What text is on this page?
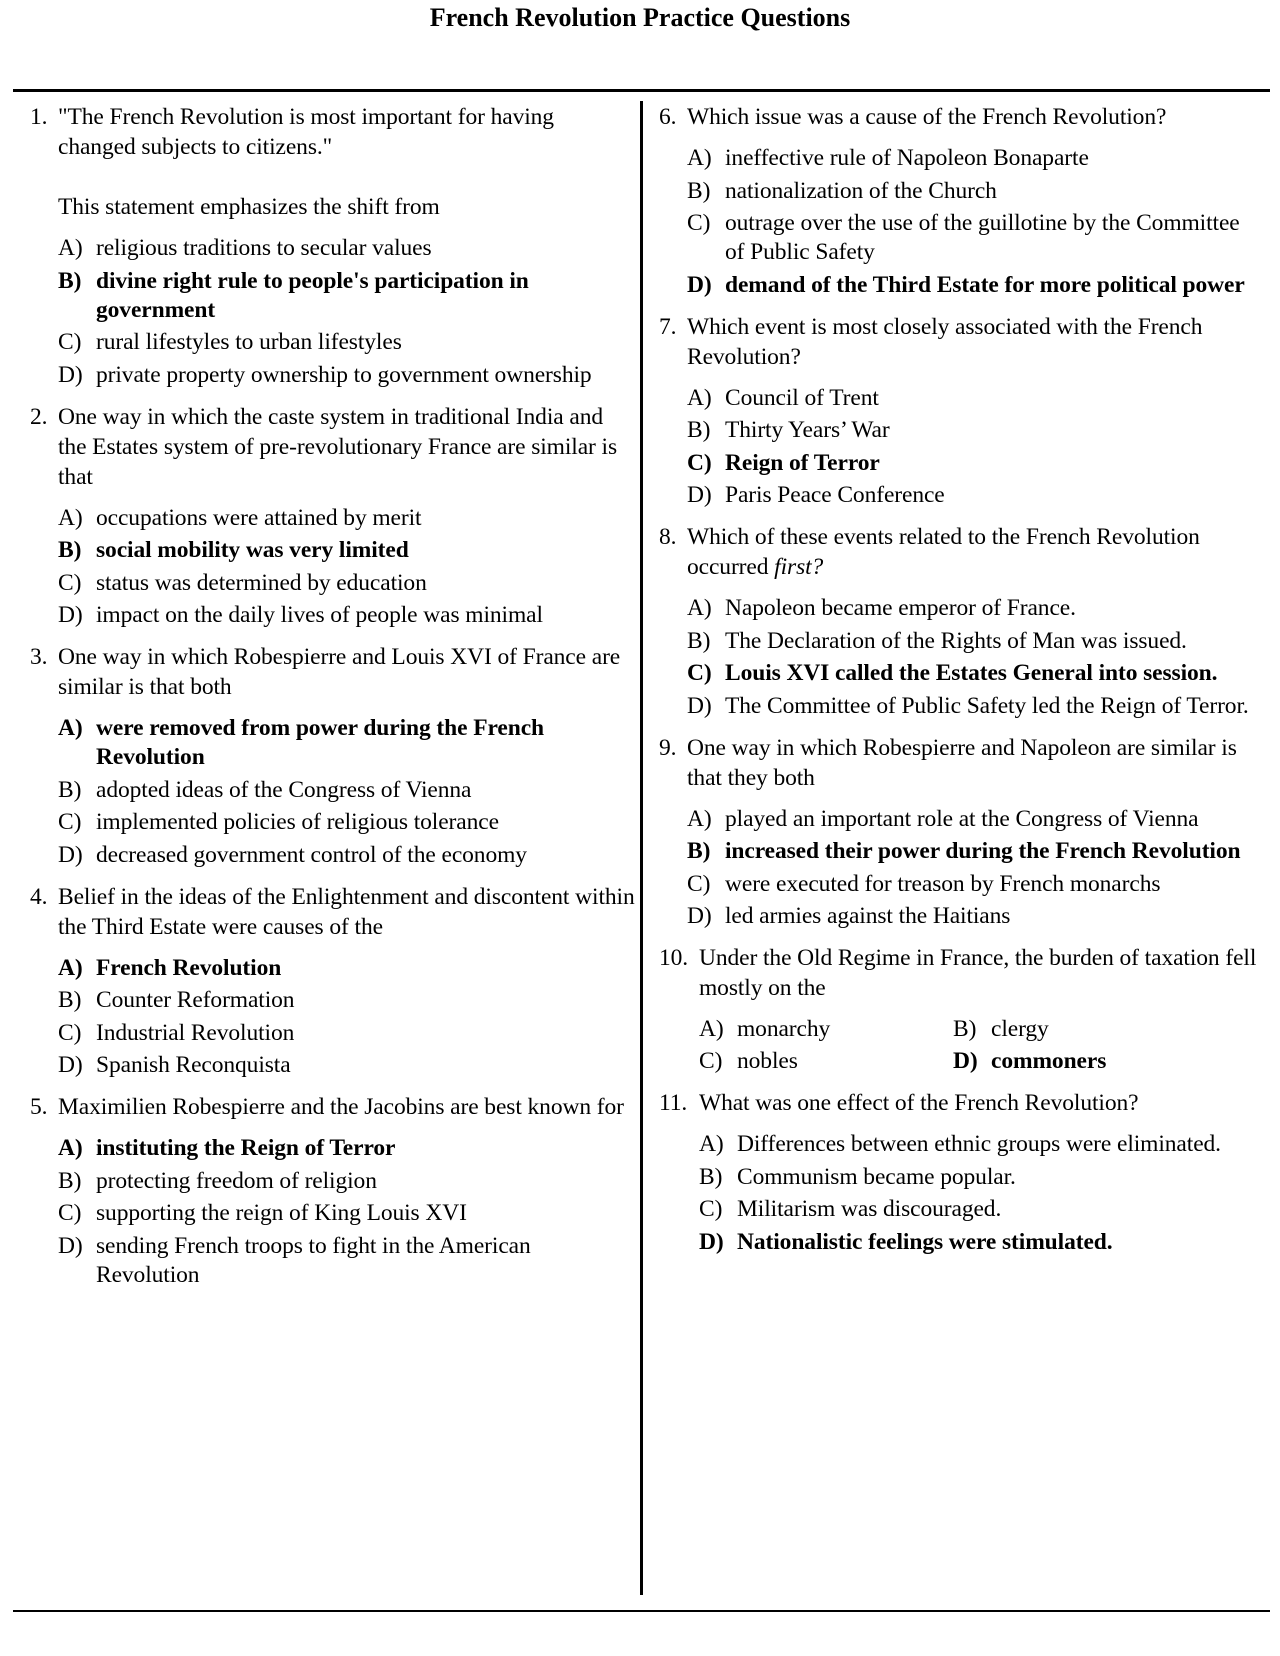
French Revolution Practice Questions
1. "The French Revolution is most important for having changed subjects to citizens."
This statement emphasizes the shift from
A) religious traditions to secular values
B) divine right rule to people's participation in government
C) rural lifestyles to urban lifestyles
D) private property ownership to government ownership
2. One way in which the caste system in traditional India and the Estates system of pre-revolutionary France are similar is that
A) occupations were attained by merit
B) social mobility was very limited
C) status was determined by education
D) impact on the daily lives of people was minimal
3. One way in which Robespierre and Louis XVI of France are similar is that both
A) were removed from power during the French Revolution
B) adopted ideas of the Congress of Vienna
C) implemented policies of religious tolerance
D) decreased government control of the economy
4. Belief in the ideas of the Enlightenment and discontent within the Third Estate were causes of the
A) French Revolution
B) Counter Reformation
C) Industrial Revolution
D) Spanish Reconquista
5. Maximilien Robespierre and the Jacobins are best known for
A) instituting the Reign of Terror
B) protecting freedom of religion
C) supporting the reign of King Louis XVI
D) sending French troops to fight in the American Revolution
6. Which issue was a cause of the French Revolution?
A) ineffective rule of Napoleon Bonaparte
B) nationalization of the Church
C) outrage over the use of the guillotine by the Committee of Public Safety
D) demand of the Third Estate for more political power
7. Which event is most closely associated with the French Revolution?
A) Council of Trent
B) Thirty Years’ War
C) Reign of Terror
D) Paris Peace Conference
8. Which of these events related to the French Revolution occurred first?
A) Napoleon became emperor of France.
B) The Declaration of the Rights of Man was issued.
C) Louis XVI called the Estates General into session.
D) The Committee of Public Safety led the Reign of Terror.
9. One way in which Robespierre and Napoleon are similar is that they both
A) played an important role at the Congress of Vienna
B) increased their power during the French Revolution
C) were executed for treason by French monarchs
D) led armies against the Haitians
10. Under the Old Regime in France, the burden of taxation fell mostly on the
A) monarchy	B) clergy
C) nobles	D) commoners
11. What was one effect of the French Revolution?
A) Differences between ethnic groups were eliminated.
B) Communism became popular.
C) Militarism was discouraged.
D) Nationalistic feelings were stimulated.
